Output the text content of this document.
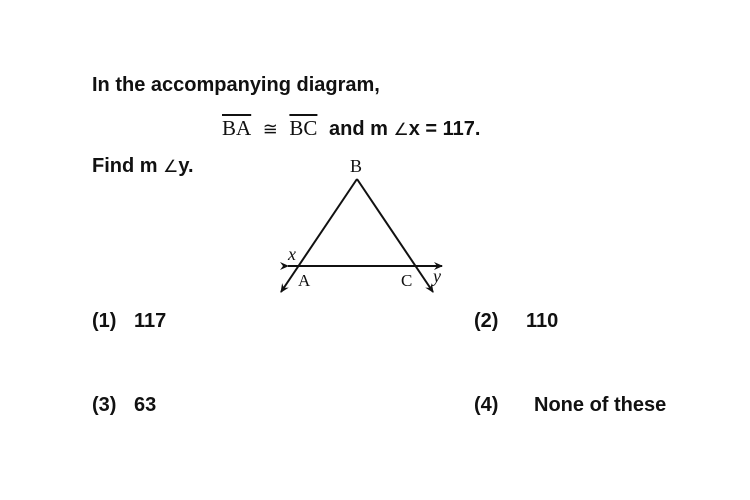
In the accompanying diagram,
$\overline{BA}$ ≅ $\overline{BC}$ and m ∠x = 117.
Find m ∠y.	B
A	C
x
y
(1) 117	(2) 110
(3) 63	(4) None of these
